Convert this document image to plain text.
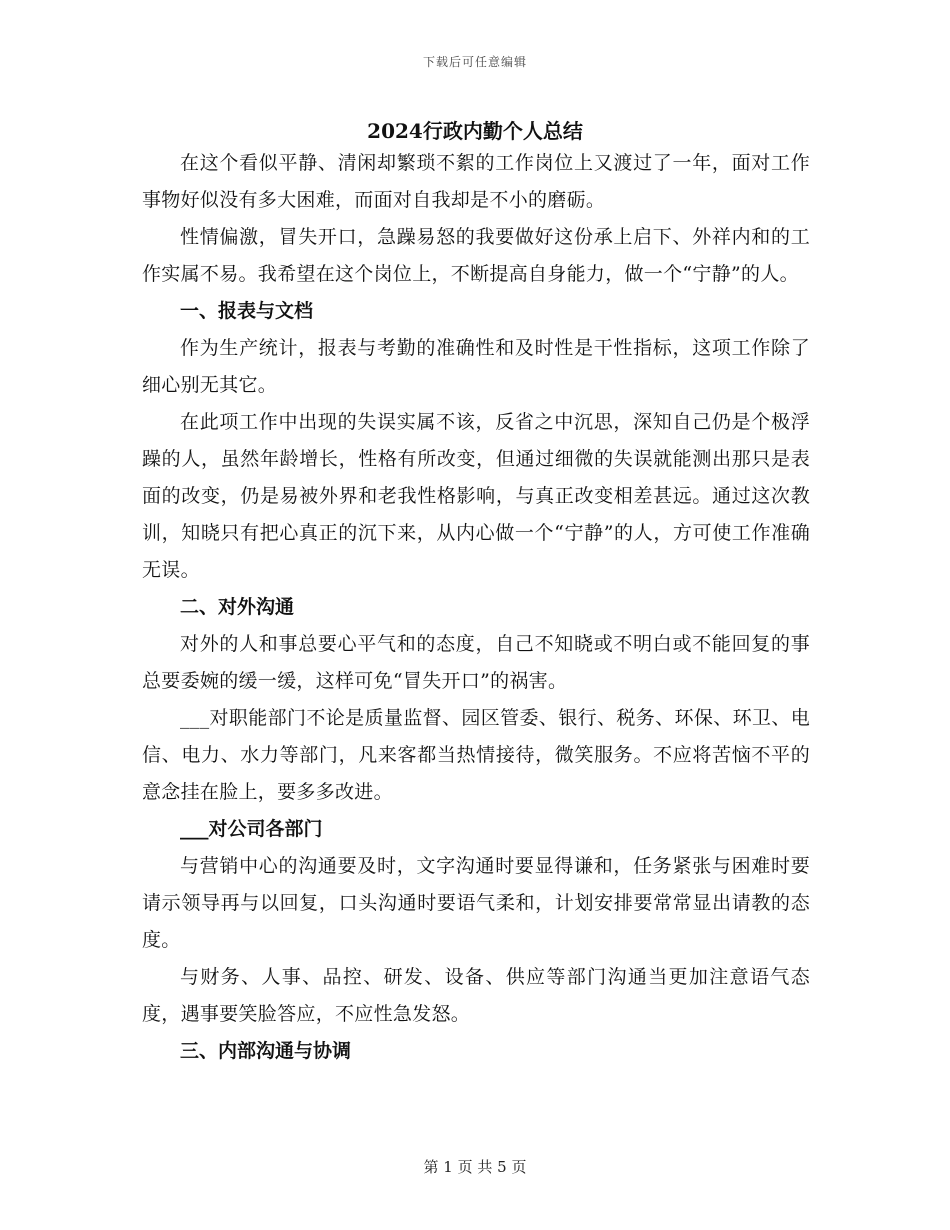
下载后可任意编辑
2024行政内勤个人总结

在这个看似平静、清闲却繁琐不絮的工作岗位上又渡过了一年，面对工作事物好似没有多大困难，而面对自我却是不小的磨砺。

性情偏激，冒失开口，急躁易怒的我要做好这份承上启下、外祥内和的工作实属不易。我希望在这个岗位上，不断提高自身能力，做一个“宁静”的人。

一、报表与文档

作为生产统计，报表与考勤的准确性和及时性是干性指标，这项工作除了细心别无其它。

在此项工作中出现的失误实属不该，反省之中沉思，深知自己仍是个极浮躁的人，虽然年龄增长，性格有所改变，但通过细微的失误就能测出那只是表面的改变，仍是易被外界和老我性格影响，与真正改变相差甚远。通过这次教训，知晓只有把心真正的沉下来，从内心做一个“宁静”的人，方可使工作准确无误。

二、对外沟通

对外的人和事总要心平气和的态度，自己不知晓或不明白或不能回复的事总要委婉的缓一缓，这样可免“冒失开口”的祸害。

___对职能部门不论是质量监督、园区管委、银行、税务、环保、环卫、电信、电力、水力等部门，凡来客都当热情接待，微笑服务。不应将苦恼不平的意念挂在脸上，要多多改进。

___对公司各部门

与营销中心的沟通要及时，文字沟通时要显得谦和，任务紧张与困难时要请示领导再与以回复，口头沟通时要语气柔和，计划安排要常常显出请教的态度。

与财务、人事、品控、研发、设备、供应等部门沟通当更加注意语气态度，遇事要笑脸答应，不应性急发怒。

三、内部沟通与协调

第 1 页 共 5 页
